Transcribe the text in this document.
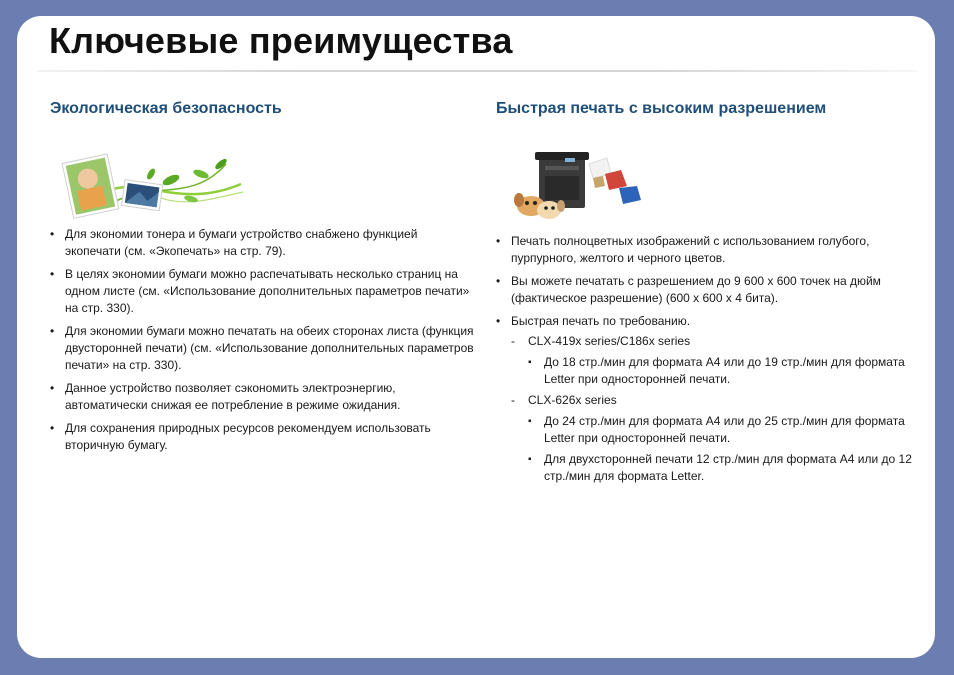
Ключевые преимущества
Экологическая безопасность
• Для экономии тонера и бумаги устройство снабжено функцией экопечати (см. «Экопечать» на стр. 79).
• В целях экономии бумаги можно распечатывать несколько страниц на одном листе (см. «Использование дополнительных параметров печати» на стр. 330).
• Для экономии бумаги можно печатать на обеих сторонах листа (функция двусторонней печати) (см. «Использование дополнительных параметров печати» на стр. 330).
• Данное устройство позволяет сэкономить электроэнергию, автоматически снижая ее потребление в режиме ожидания.
• Для сохранения природных ресурсов рекомендуем использовать вторичную бумагу.
Быстрая печать с высоким разрешением
• Печать полноцветных изображений с использованием голубого, пурпурного, желтого и черного цветов.
• Вы можете печатать с разрешением до 9 600 x 600 точек на дюйм (фактическое разрешение) (600 x 600 x 4 бита).
• Быстрая печать по требованию.
- CLX-419x series/C186x series
▪ До 18 стр./мин для формата A4 или до 19 стр./мин для формата Letter при односторонней печати.
- CLX-626x series
▪ До 24 стр./мин для формата A4 или до 25 стр./мин для формата Letter при односторонней печати.
▪ Для двухсторонней печати 12 стр./мин для формата A4 или до 12 стр./мин для формата Letter.
